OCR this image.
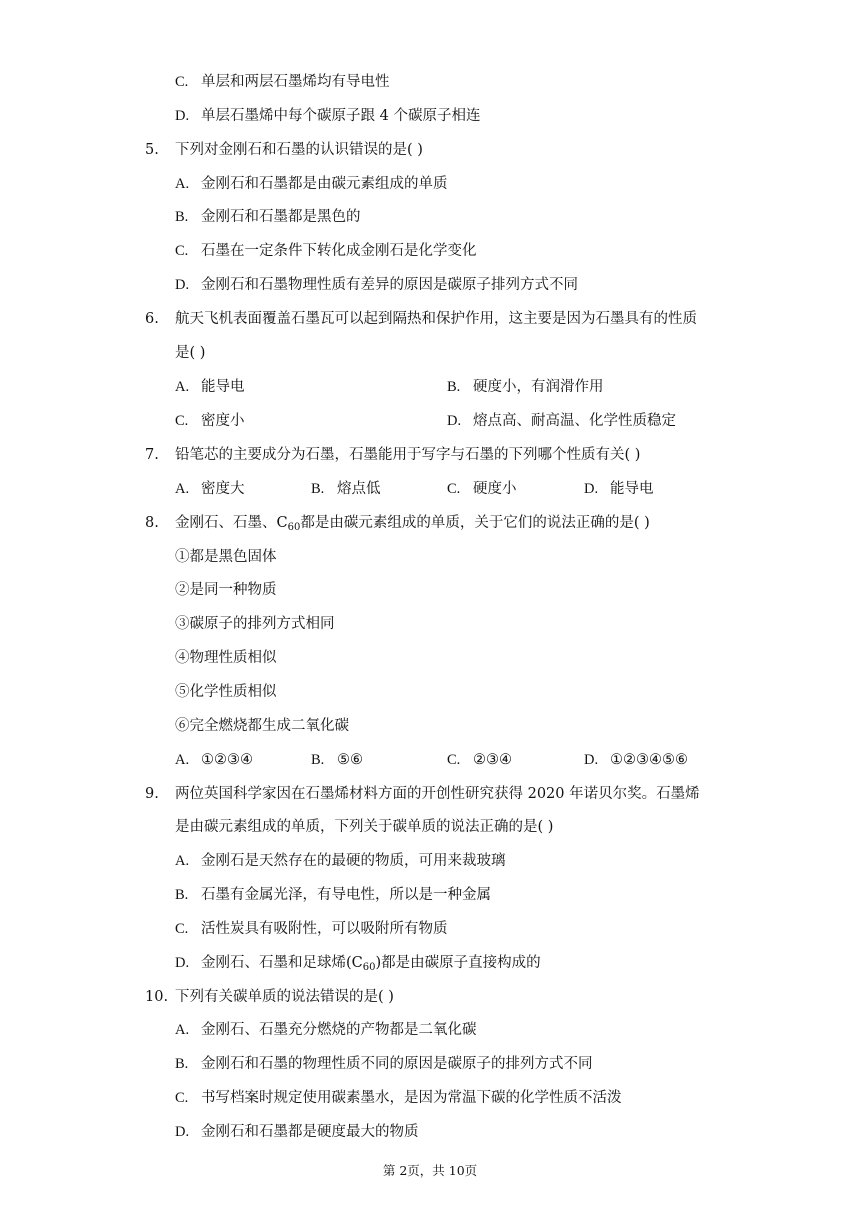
C. 单层和两层石墨烯均有导电性
D. 单层石墨烯中每个碳原子跟 4 个碳原子相连
5. 下列对金刚石和石墨的认识错误的是( )
A. 金刚石和石墨都是由碳元素组成的单质
B. 金刚石和石墨都是黑色的
C. 石墨在一定条件下转化成金刚石是化学变化
D. 金刚石和石墨物理性质有差异的原因是碳原子排列方式不同
6. 航天飞机表面覆盖石墨瓦可以起到隔热和保护作用，这主要是因为石墨具有的性质
是( )
A. 能导电	B. 硬度小，有润滑作用
C. 密度小	D. 熔点高、耐高温、化学性质稳定
7. 铅笔芯的主要成分为石墨，石墨能用于写字与石墨的下列哪个性质有关( )
A. 密度大	B. 熔点低	C. 硬度小	D. 能导电
8. 金刚石、石墨、$C_{60}$都是由碳元素组成的单质，关于它们的说法正确的是( )
①都是黑色固体
②是同一种物质
③碳原子的排列方式相同
④物理性质相似
⑤化学性质相似
⑥完全燃烧都生成二氧化碳
A. ①②③④	B. ⑤⑥	C. ②③④	D. ①②③④⑤⑥
9. 两位英国科学家因在石墨烯材料方面的开创性研究获得 2020 年诺贝尔奖。石墨烯
是由碳元素组成的单质，下列关于碳单质的说法正确的是( )
A. 金刚石是天然存在的最硬的物质，可用来裁玻璃
B. 石墨有金属光泽，有导电性，所以是一种金属
C. 活性炭具有吸附性，可以吸附所有物质
D. 金刚石、石墨和足球烯$(C_{60})$都是由碳原子直接构成的
10. 下列有关碳单质的说法错误的是( )
A. 金刚石、石墨充分燃烧的产物都是二氧化碳
B. 金刚石和石墨的物理性质不同的原因是碳原子的排列方式不同
C. 书写档案时规定使用碳素墨水，是因为常温下碳的化学性质不活泼
D. 金刚石和石墨都是硬度最大的物质
第 2页，共 10页
